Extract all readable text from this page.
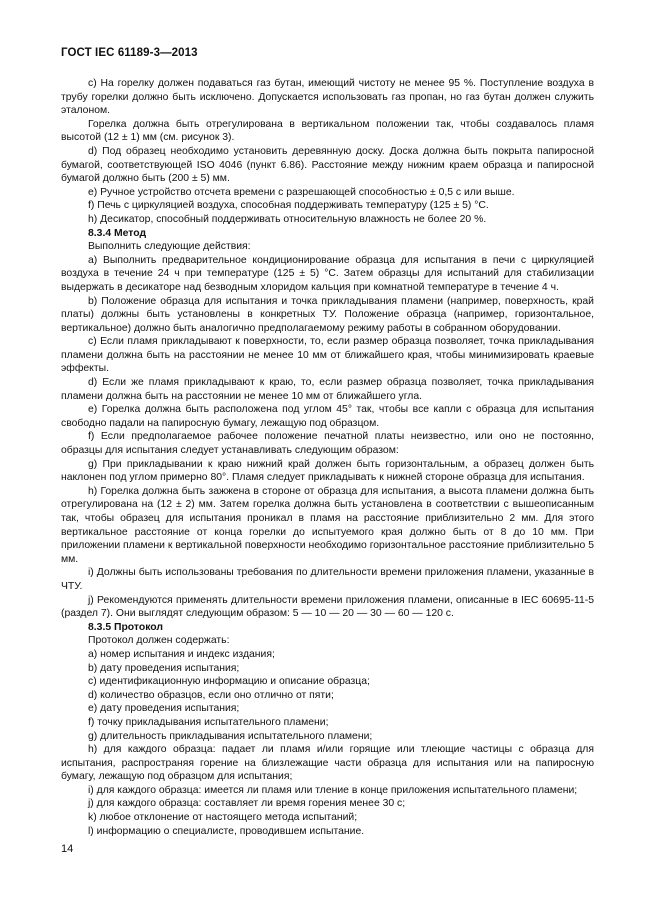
ГОСТ IEC 61189-3—2013

с) На горелку должен подаваться газ бутан, имеющий чистоту не менее 95 %. Поступление воздуха в трубу горелки должно быть исключено. Допускается использовать газ пропан, но газ бутан должен служить эталоном.

Горелка должна быть отрегулирована в вертикальном положении так, чтобы создавалось пламя высотой (12 ± 1) мм (см. рисунок 3).

d) Под образец необходимо установить деревянную доску. Доска должна быть покрыта папиросной бумагой, соответствующей ISO 4046 (пункт 6.86). Расстояние между нижним краем образца и папиросной бумагой должно быть (200 ± 5) мм.

е) Ручное устройство отсчета времени с разрешающей способностью ± 0,5 с или выше.

f) Печь с циркуляцией воздуха, способная поддерживать температуру (125 ± 5) °С.

h) Десикатор, способный поддерживать относительную влажность не более 20 %.

8.3.4 Метод

Выполнить следующие действия:

а) Выполнить предварительное кондиционирование образца для испытания в печи с циркуляцией воздуха в течение 24 ч при температуре (125 ± 5) °С. Затем образцы для испытаний для стабилизации выдержать в десикаторе над безводным хлоридом кальция при комнатной температуре в течение 4 ч.

b) Положение образца для испытания и точка прикладывания пламени (например, поверхность, край платы) должны быть установлены в конкретных ТУ. Положение образца (например, горизонтальное, вертикальное) должно быть аналогично предполагаемому режиму работы в собранном оборудовании.

с) Если пламя прикладывают к поверхности, то, если размер образца позволяет, точка прикладывания пламени должна быть на расстоянии не менее 10 мм от ближайшего края, чтобы минимизировать краевые эффекты.

d) Если же пламя прикладывают к краю, то, если размер образца позволяет, точка прикладывания пламени должна быть на расстоянии не менее 10 мм от ближайшего угла.

е) Горелка должна быть расположена под углом 45° так, чтобы все капли с образца для испытания свободно падали на папиросную бумагу, лежащую под образцом.

f) Если предполагаемое рабочее положение печатной платы неизвестно, или оно не постоянно, образцы для испытания следует устанавливать следующим образом:

g) При прикладывании к краю нижний край должен быть горизонтальным, а образец должен быть наклонен под углом примерно 80°. Пламя следует прикладывать к нижней стороне образца для испытания.

h) Горелка должна быть зажжена в стороне от образца для испытания, а высота пламени должна быть отрегулирована на (12 ± 2) мм. Затем горелка должна быть установлена в соответствии с вышеописанным так, чтобы образец для испытания проникал в пламя на расстояние приблизительно 2 мм. Для этого вертикальное расстояние от конца горелки до испытуемого края должно быть от 8 до 10 мм. При приложении пламени к вертикальной поверхности необходимо горизонтальное расстояние приблизительно 5 мм.

i) Должны быть использованы требования по длительности времени приложения пламени, указанные в ЧТУ.

j) Рекомендуются применять длительности времени приложения пламени, описанные в IEC 60695-11-5 (раздел 7). Они выглядят следующим образом: 5 — 10 — 20 — 30 — 60 — 120 с.

8.3.5 Протокол

Протокол должен содержать:

а) номер испытания и индекс издания;

b) дату проведения испытания;

с) идентификационную информацию и описание образца;

d) количество образцов, если оно отлично от пяти;

е) дату проведения испытания;

f) точку прикладывания испытательного пламени;

g) длительность прикладывания испытательного пламени;

h) для каждого образца: падает ли пламя и/или горящие или тлеющие частицы с образца для испытания, распространяя горение на близлежащие части образца для испытания или на папиросную бумагу, лежащую под образцом для испытания;

i) для каждого образца: имеется ли пламя или тление в конце приложения испытательного пламени;

j) для каждого образца: составляет ли время горения менее 30 с;

k) любое отклонение от настоящего метода испытаний;

l) информацию о специалисте, проводившем испытание.

14
